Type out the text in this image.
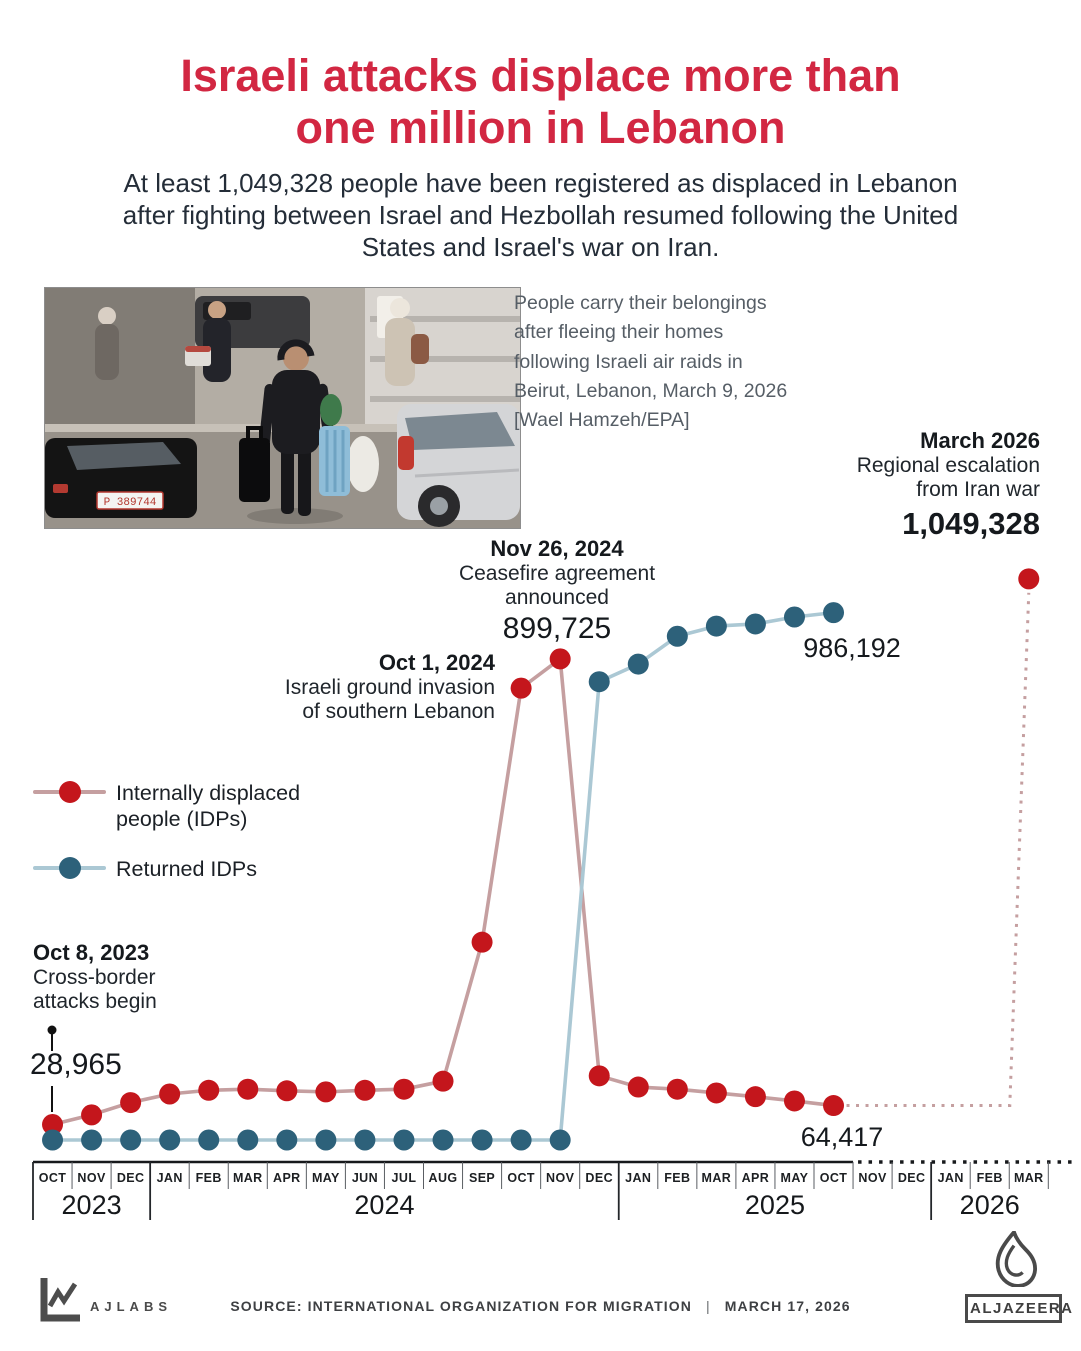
Israeli attacks displace more than one million in Lebanon
At least 1,049,328 people have been registered as displaced in Lebanon after fighting between Israel and Hezbollah resumed following the United States and Israel's war on Iran.
P 389744
People carry their belongings after fleeing their homes following Israeli air raids in Beirut, Lebanon, March 9, 2026 [Wael Hamzeh/EPA]
OCT NOV DEC JAN FEB MAR APR MAY JUN JUL AUG SEP OCT NOV DEC JAN FEB MAR APR MAY OCT NOV DEC JAN FEB MAR
2023	2024	2025	2026
Internally displaced people (IDPs)
Returned IDPs
March 2026
Regional escalation
from Iran war
1,049,328
Nov 26, 2024
Ceasefire agreement
announced
899,725
Oct 1, 2024
Israeli ground invasion
of southern Lebanon
986,192
Oct 8, 2023
Cross-border
attacks begin
28,965
64,417
AJLABS	SOURCE: INTERNATIONAL ORGANIZATION FOR MIGRATION | MARCH 17, 2026	ALJAZEERA
